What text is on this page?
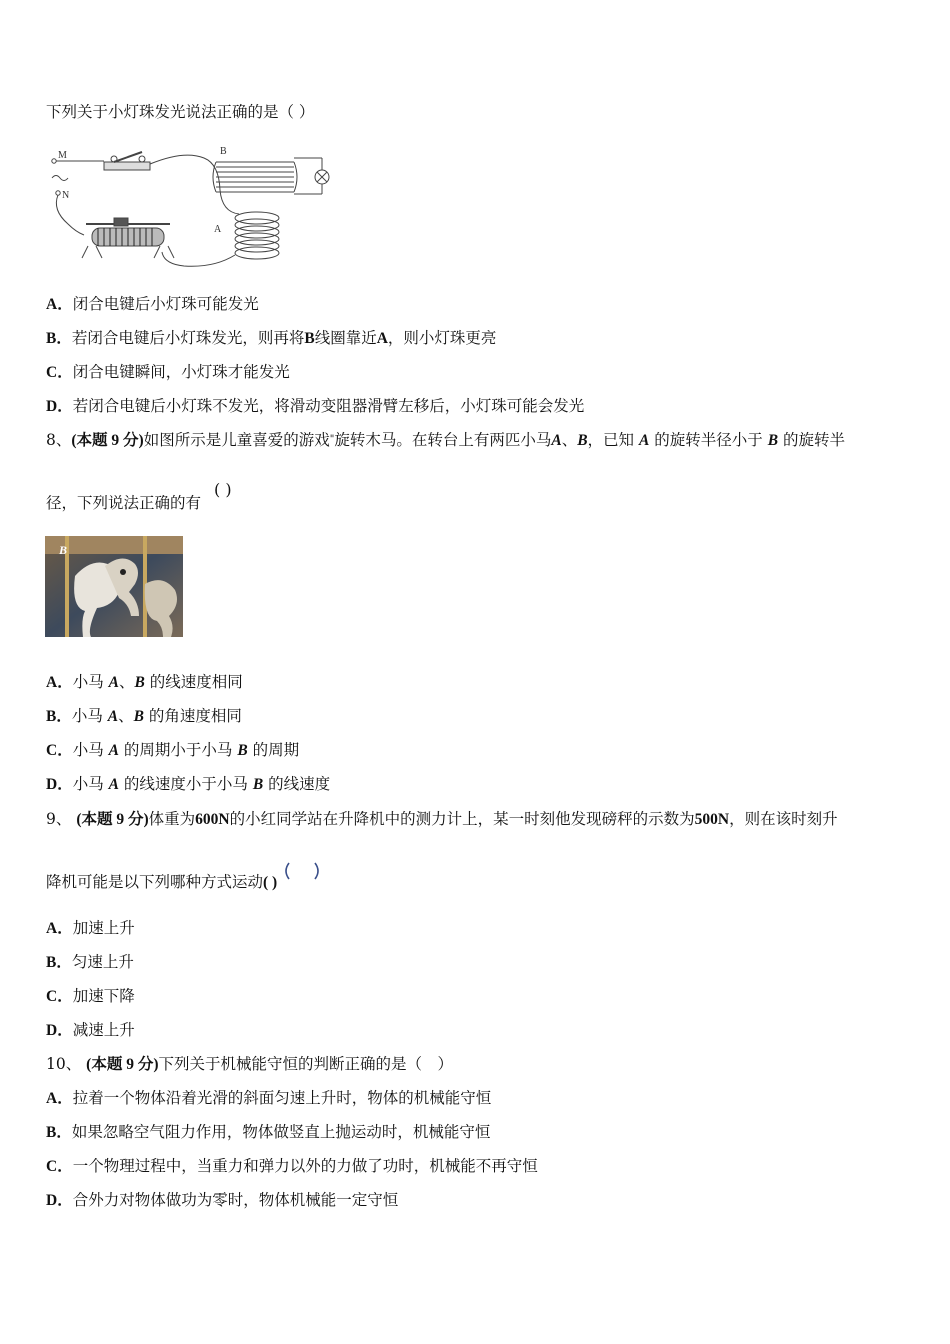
下列关于小灯珠发光说法正确的是（ ）
M
N
B
A
A．闭合电键后小灯珠可能发光
B．若闭合电键后小灯珠发光，则再将B线圈靠近A，则小灯珠更亮
C．闭合电键瞬间，小灯珠才能发光
D．若闭合电键后小灯珠不发光，将滑动变阻器滑臂左移后，小灯珠可能会发光
8、(本题 9 分)如图所示是儿童喜爱的游戏"旋转木马。在转台上有两匹小马A、B，已知 A 的旋转半径小于 B 的旋转半
径，下列说法正确的有
( )
B
A．小马 A、B 的线速度相同
B．小马 A、B 的角速度相同
C．小马 A 的周期小于小马 B 的周期
D．小马 A 的线速度小于小马 B 的线速度
9、 (本题 9 分)体重为600N的小红同学站在升降机中的测力计上，某一时刻他发现磅秤的示数为500N，则在该时刻升
降机可能是以下列哪种方式运动( )
A．加速上升
B．匀速上升
C．加速下降
D．减速上升
10、 (本题 9 分)下列关于机械能守恒的判断正确的是（　）
A．拉着一个物体沿着光滑的斜面匀速上升时，物体的机械能守恒
B．如果忽略空气阻力作用，物体做竖直上抛运动时，机械能守恒
C．一个物理过程中，当重力和弹力以外的力做了功时，机械能不再守恒
D．合外力对物体做功为零时，物体机械能一定守恒
